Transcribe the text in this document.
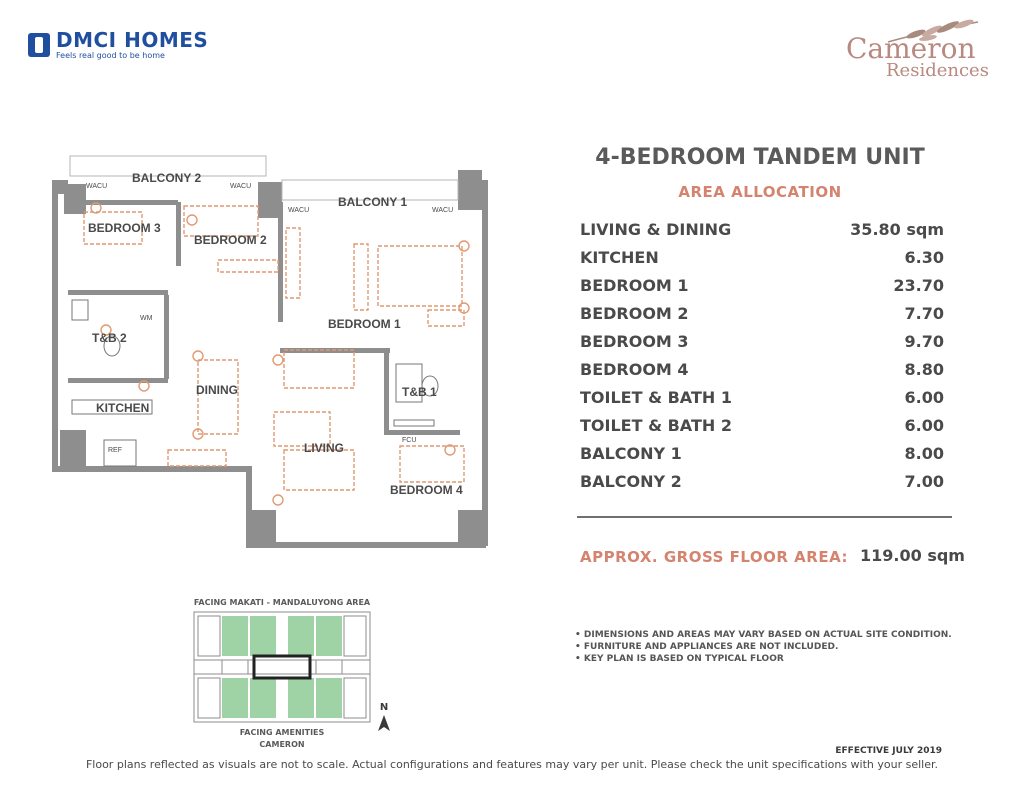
DMCI HOMES
Feels real good to be home	Cameron
Residences
BALCONY 2
BALCONY 1
BEDROOM 3
BEDROOM 2
BEDROOM 1
T&B 2
T&B 1
DINING
KITCHEN
LIVING
BEDROOM 4
WACU	WACU
WACU	WACU
WM
REF
FCU
4-BEDROOM TANDEM UNIT
AREA ALLOCATION
LIVING & DINING	35.80 sqm
KITCHEN	6.30
BEDROOM 1	23.70
BEDROOM 2	7.70
BEDROOM 3	9.70
BEDROOM 4	8.80
TOILET & BATH 1	6.00
TOILET & BATH 2	6.00
BALCONY 1	8.00
BALCONY 2	7.00
APPROX. GROSS FLOOR AREA: 119.00 sqm
• DIMENSIONS AND AREAS MAY VARY BASED ON ACTUAL SITE CONDITION.
• FURNITURE AND APPLIANCES ARE NOT INCLUDED.
• KEY PLAN IS BASED ON TYPICAL FLOOR
FACING MAKATI - MANDALUYONG AREA
FACING AMENITIES
CAMERON
N
EFFECTIVE JULY 2019
Floor plans reflected as visuals are not to scale. Actual configurations and features may vary per unit. Please check the unit specifications with your seller.
